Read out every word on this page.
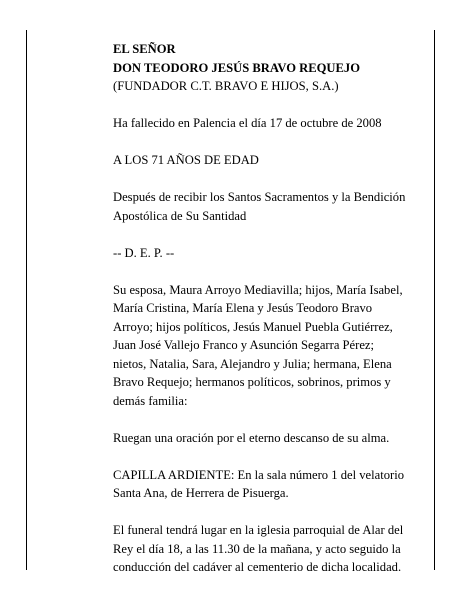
EL SEÑOR

DON TEODORO JESÚS BRAVO REQUEJO

(FUNDADOR C.T. BRAVO E HIJOS, S.A.)

Ha fallecido en Palencia el día 17 de octubre de 2008

A LOS 71 AÑOS DE EDAD

Después de recibir los Santos Sacramentos y la Bendición Apostólica de Su Santidad

-- D. E. P. --

Su esposa, Maura Arroyo Mediavilla; hijos, María Isabel, María Cristina, María Elena y Jesús Teodoro Bravo Arroyo; hijos políticos, Jesús Manuel Puebla Gutiérrez, Juan José Vallejo Franco y Asunción Segarra Pérez; nietos, Natalia, Sara, Alejandro y Julia; hermana, Elena Bravo Requejo; hermanos políticos, sobrinos, primos y demás familia:

Ruegan una oración por el eterno descanso de su alma.

CAPILLA ARDIENTE: En la sala número 1 del velatorio Santa Ana, de Herrera de Pisuerga.

El funeral tendrá lugar en la iglesia parroquial de Alar del Rey el día 18, a las 11.30 de la mañana, y acto seguido la conducción del cadáver al cementerio de dicha localidad.
